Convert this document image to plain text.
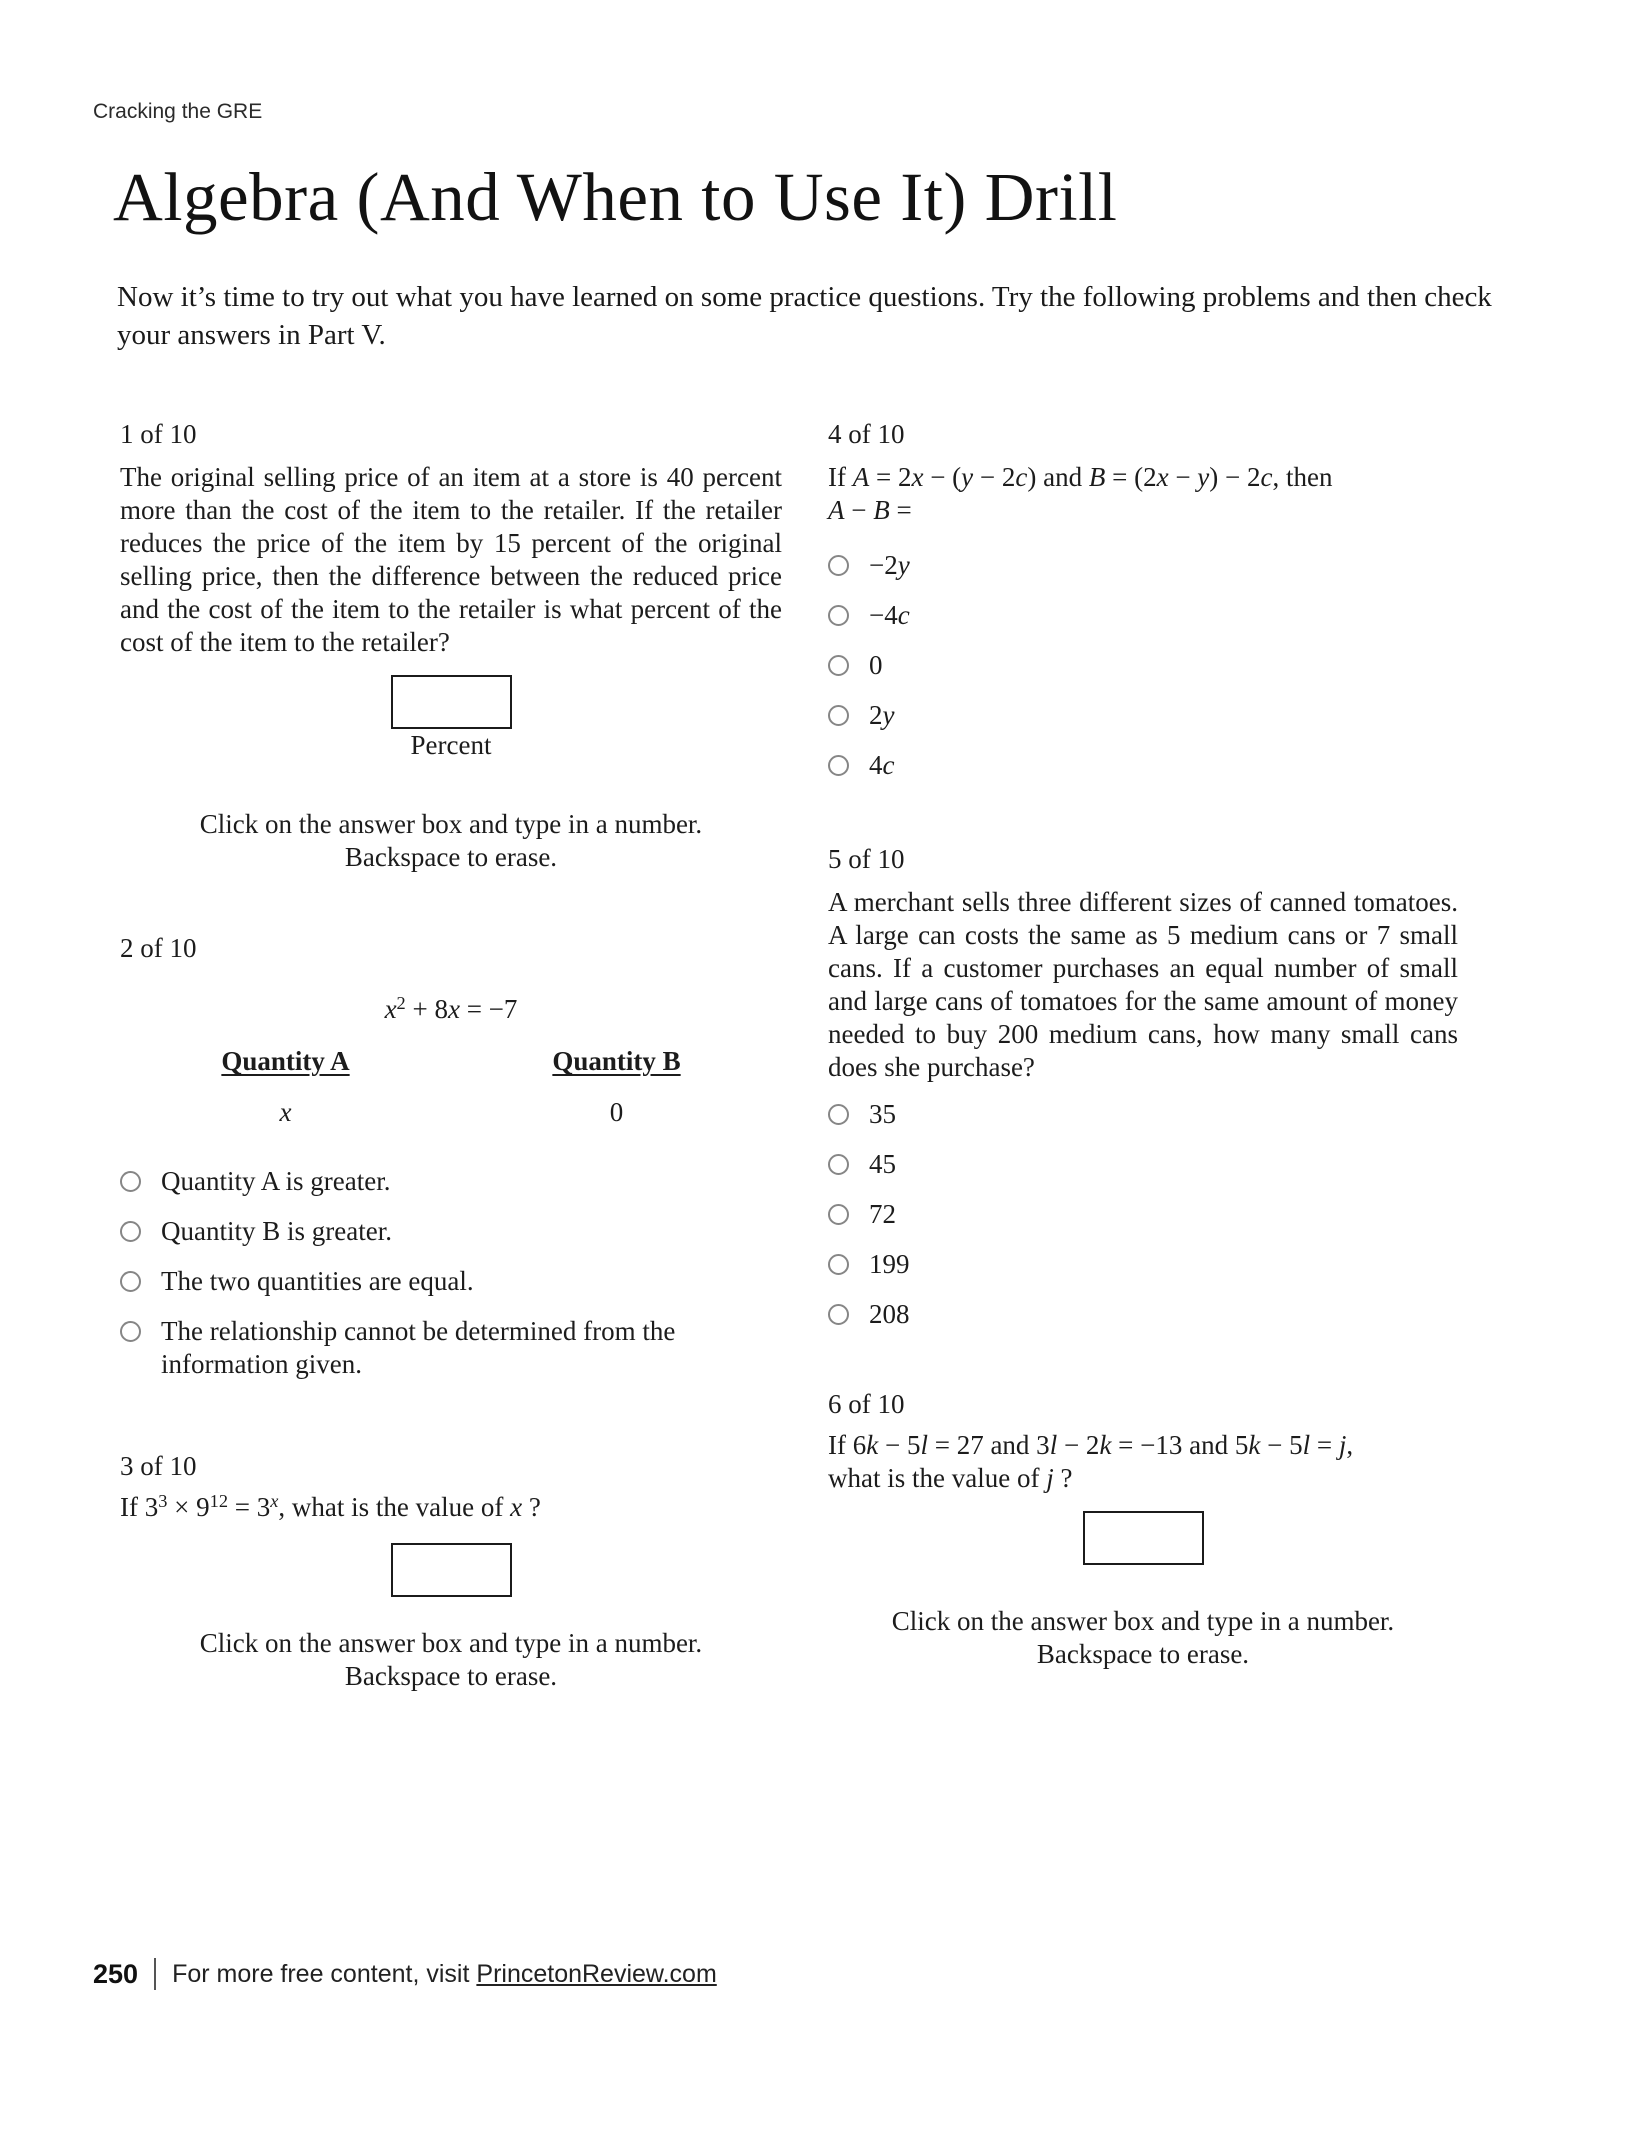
Cracking the GRE
Algebra (And When to Use It) Drill

Now it’s time to try out what you have learned on some practice questions. Try the following problems and then check your answers in Part V.

1 of 10

The original selling price of an item at a store is 40 percent more than the cost of the item to the retailer. If the retailer reduces the price of the item by 15 percent of the original selling price, then the difference between the reduced price and the cost of the item to the retailer is what percent of the cost of the item to the retailer?

Percent
Click on the answer box and type in a number.
Backspace to erase.
2 of 10
$x^2 + 8x = -7$
Quantity A	Quantity B
x	0
Quantity A is greater.
Quantity B is greater.
The two quantities are equal.
The relationship cannot be determined from the information given.
3 of 10
If $3^3 \times 9^{12} = 3^x$, what is the value of x ?
Click on the answer box and type in a number.
Backspace to erase.
4 of 10
If A = 2x − (y − 2c) and B = (2x − y) − 2c, then
A − B =
−2y
−4c
0
2y
4c
5 of 10

A merchant sells three different sizes of canned tomatoes. A large can costs the same as 5 medium cans or 7 small cans. If a customer purchases an equal number of small and large cans of tomatoes for the same amount of money needed to buy 200 medium cans, how many small cans does she purchase?

35
45
72
199
208
6 of 10
If 6k − 5l = 27 and 3l − 2k = −13 and 5k − 5l = j,
what is the value of j ?
Click on the answer box and type in a number.
Backspace to erase.
250 For more free content, visit PrincetonReview.com
